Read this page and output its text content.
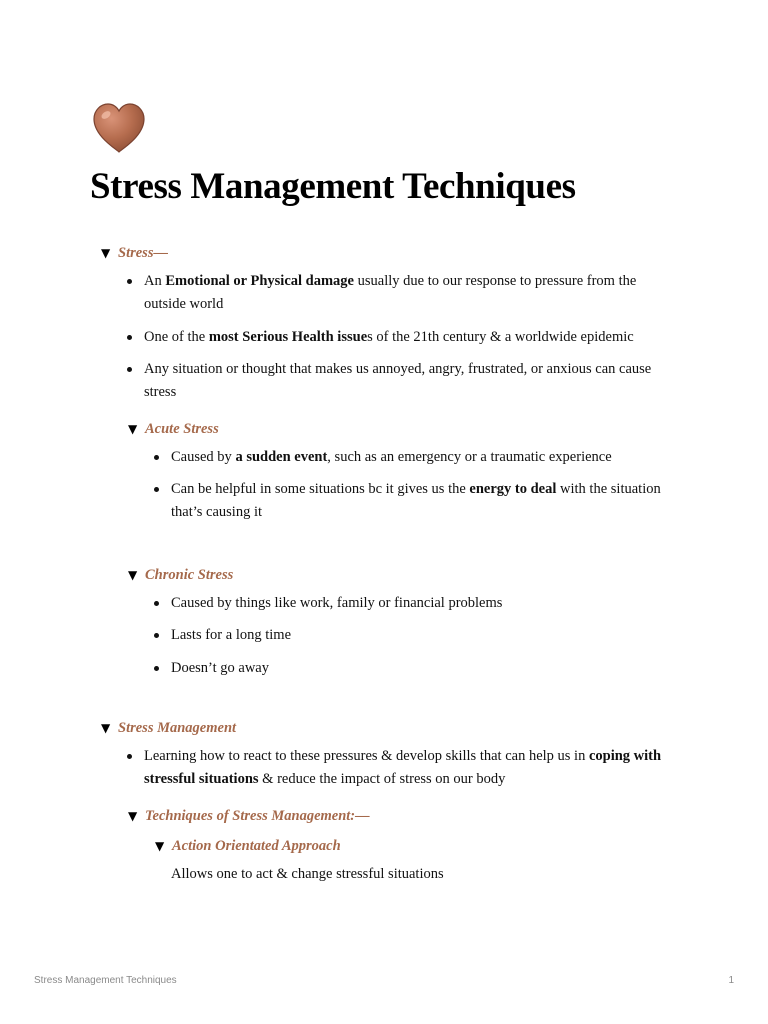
Stress Management Techniques
▼ Stress—
An Emotional or Physical damage usually due to our response to pressure from the outside world
One of the most Serious Health issues of the 21th century & a worldwide epidemic
Any situation or thought that makes us annoyed, angry, frustrated, or anxious can cause stress
▼ Acute Stress
Caused by a sudden event, such as an emergency or a traumatic experience
Can be helpful in some situations bc it gives us the energy to deal with the situation that’s causing it
▼ Chronic Stress
Caused by things like work, family or financial problems
Lasts for a long time
Doesn’t go away
▼ Stress Management
Learning how to react to these pressures & develop skills that can help us in coping with stressful situations & reduce the impact of stress on our body
▼ Techniques of Stress Management:—
▼ Action Orientated Approach
Allows one to act & change stressful situations
Stress Management Techniques	1
